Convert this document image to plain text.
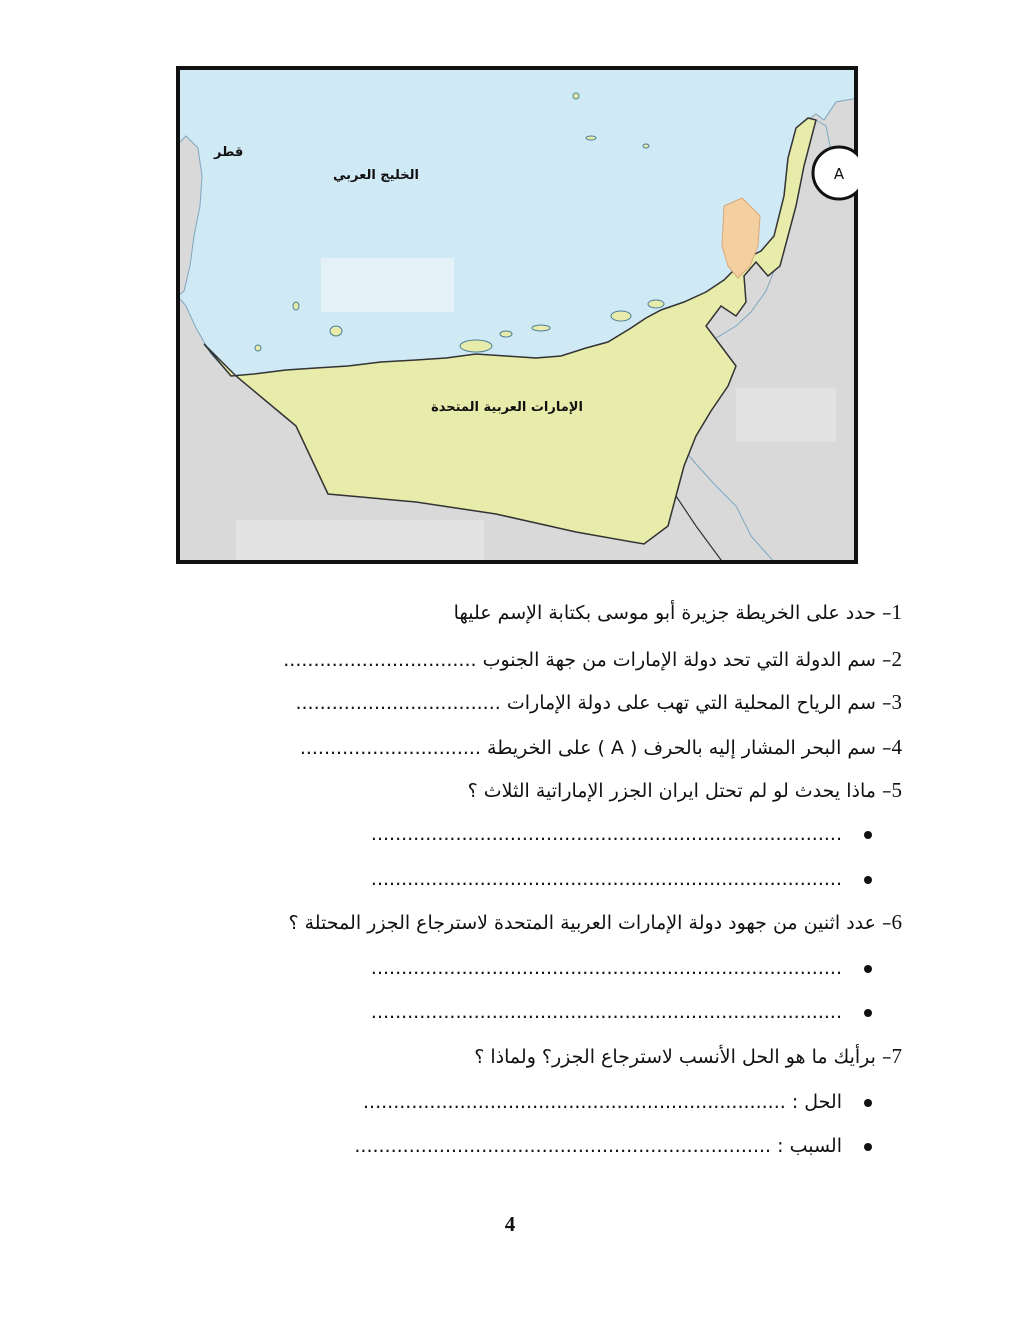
قطر
الخليج العربي
الإمارات العربية المتحدة
A
1– حدد على الخريطة جزيرة أبو موسى بكتابة الإسم عليها
2– سم الدولة التي تحد دولة الإمارات من جهة الجنوب ................................
3– سم الرياح المحلية التي تهب على دولة الإمارات ..................................
4– سم البحر المشار إليه بالحرف ( A ) على الخريطة ..............................
5– ماذا يحدث لو لم تحتل ايران الجزر الإماراتية الثلاث ؟
..............................................................................
..............................................................................
6– عدد اثنين من جهود دولة الإمارات العربية المتحدة لاسترجاع الجزر المحتلة ؟
..............................................................................
..............................................................................
7– برأيك ما هو الحل الأنسب لاسترجاع الجزر؟ ولماذا ؟
الحل : ......................................................................
السبب : .....................................................................
4
